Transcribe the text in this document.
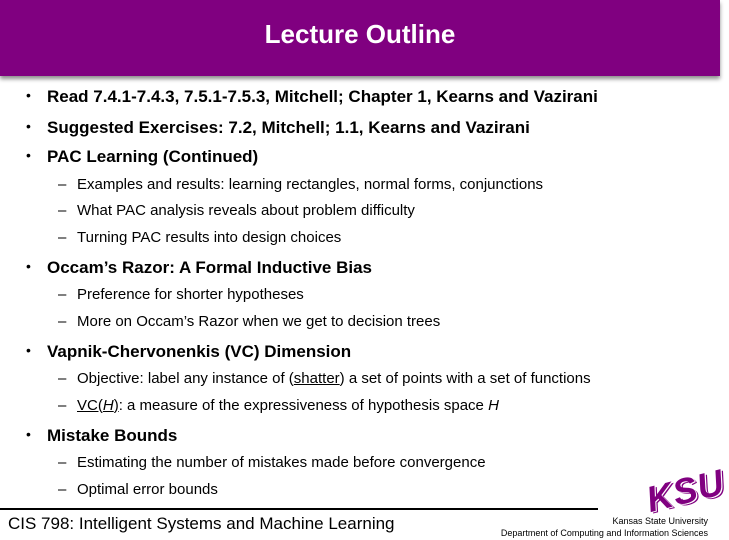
Lecture Outline
• Read 7.4.1-7.4.3, 7.5.1-7.5.3, Mitchell; Chapter 1, Kearns and Vazirani
• Suggested Exercises: 7.2, Mitchell; 1.1, Kearns and Vazirani
• PAC Learning (Continued)
– Examples and results: learning rectangles, normal forms, conjunctions
– What PAC analysis reveals about problem difficulty
– Turning PAC results into design choices
• Occam’s Razor: A Formal Inductive Bias
– Preference for shorter hypotheses
– More on Occam’s Razor when we get to decision trees
• Vapnik-Chervonenkis (VC) Dimension
– Objective: label any instance of (shatter) a set of points with a set of functions
– VC(H): a measure of the expressiveness of hypothesis space H
• Mistake Bounds
– Estimating the number of mistakes made before convergence
– Optimal error bounds
CIS 798: Intelligent Systems and Machine Learning
KSU
Kansas State University
Department of Computing and Information Sciences
